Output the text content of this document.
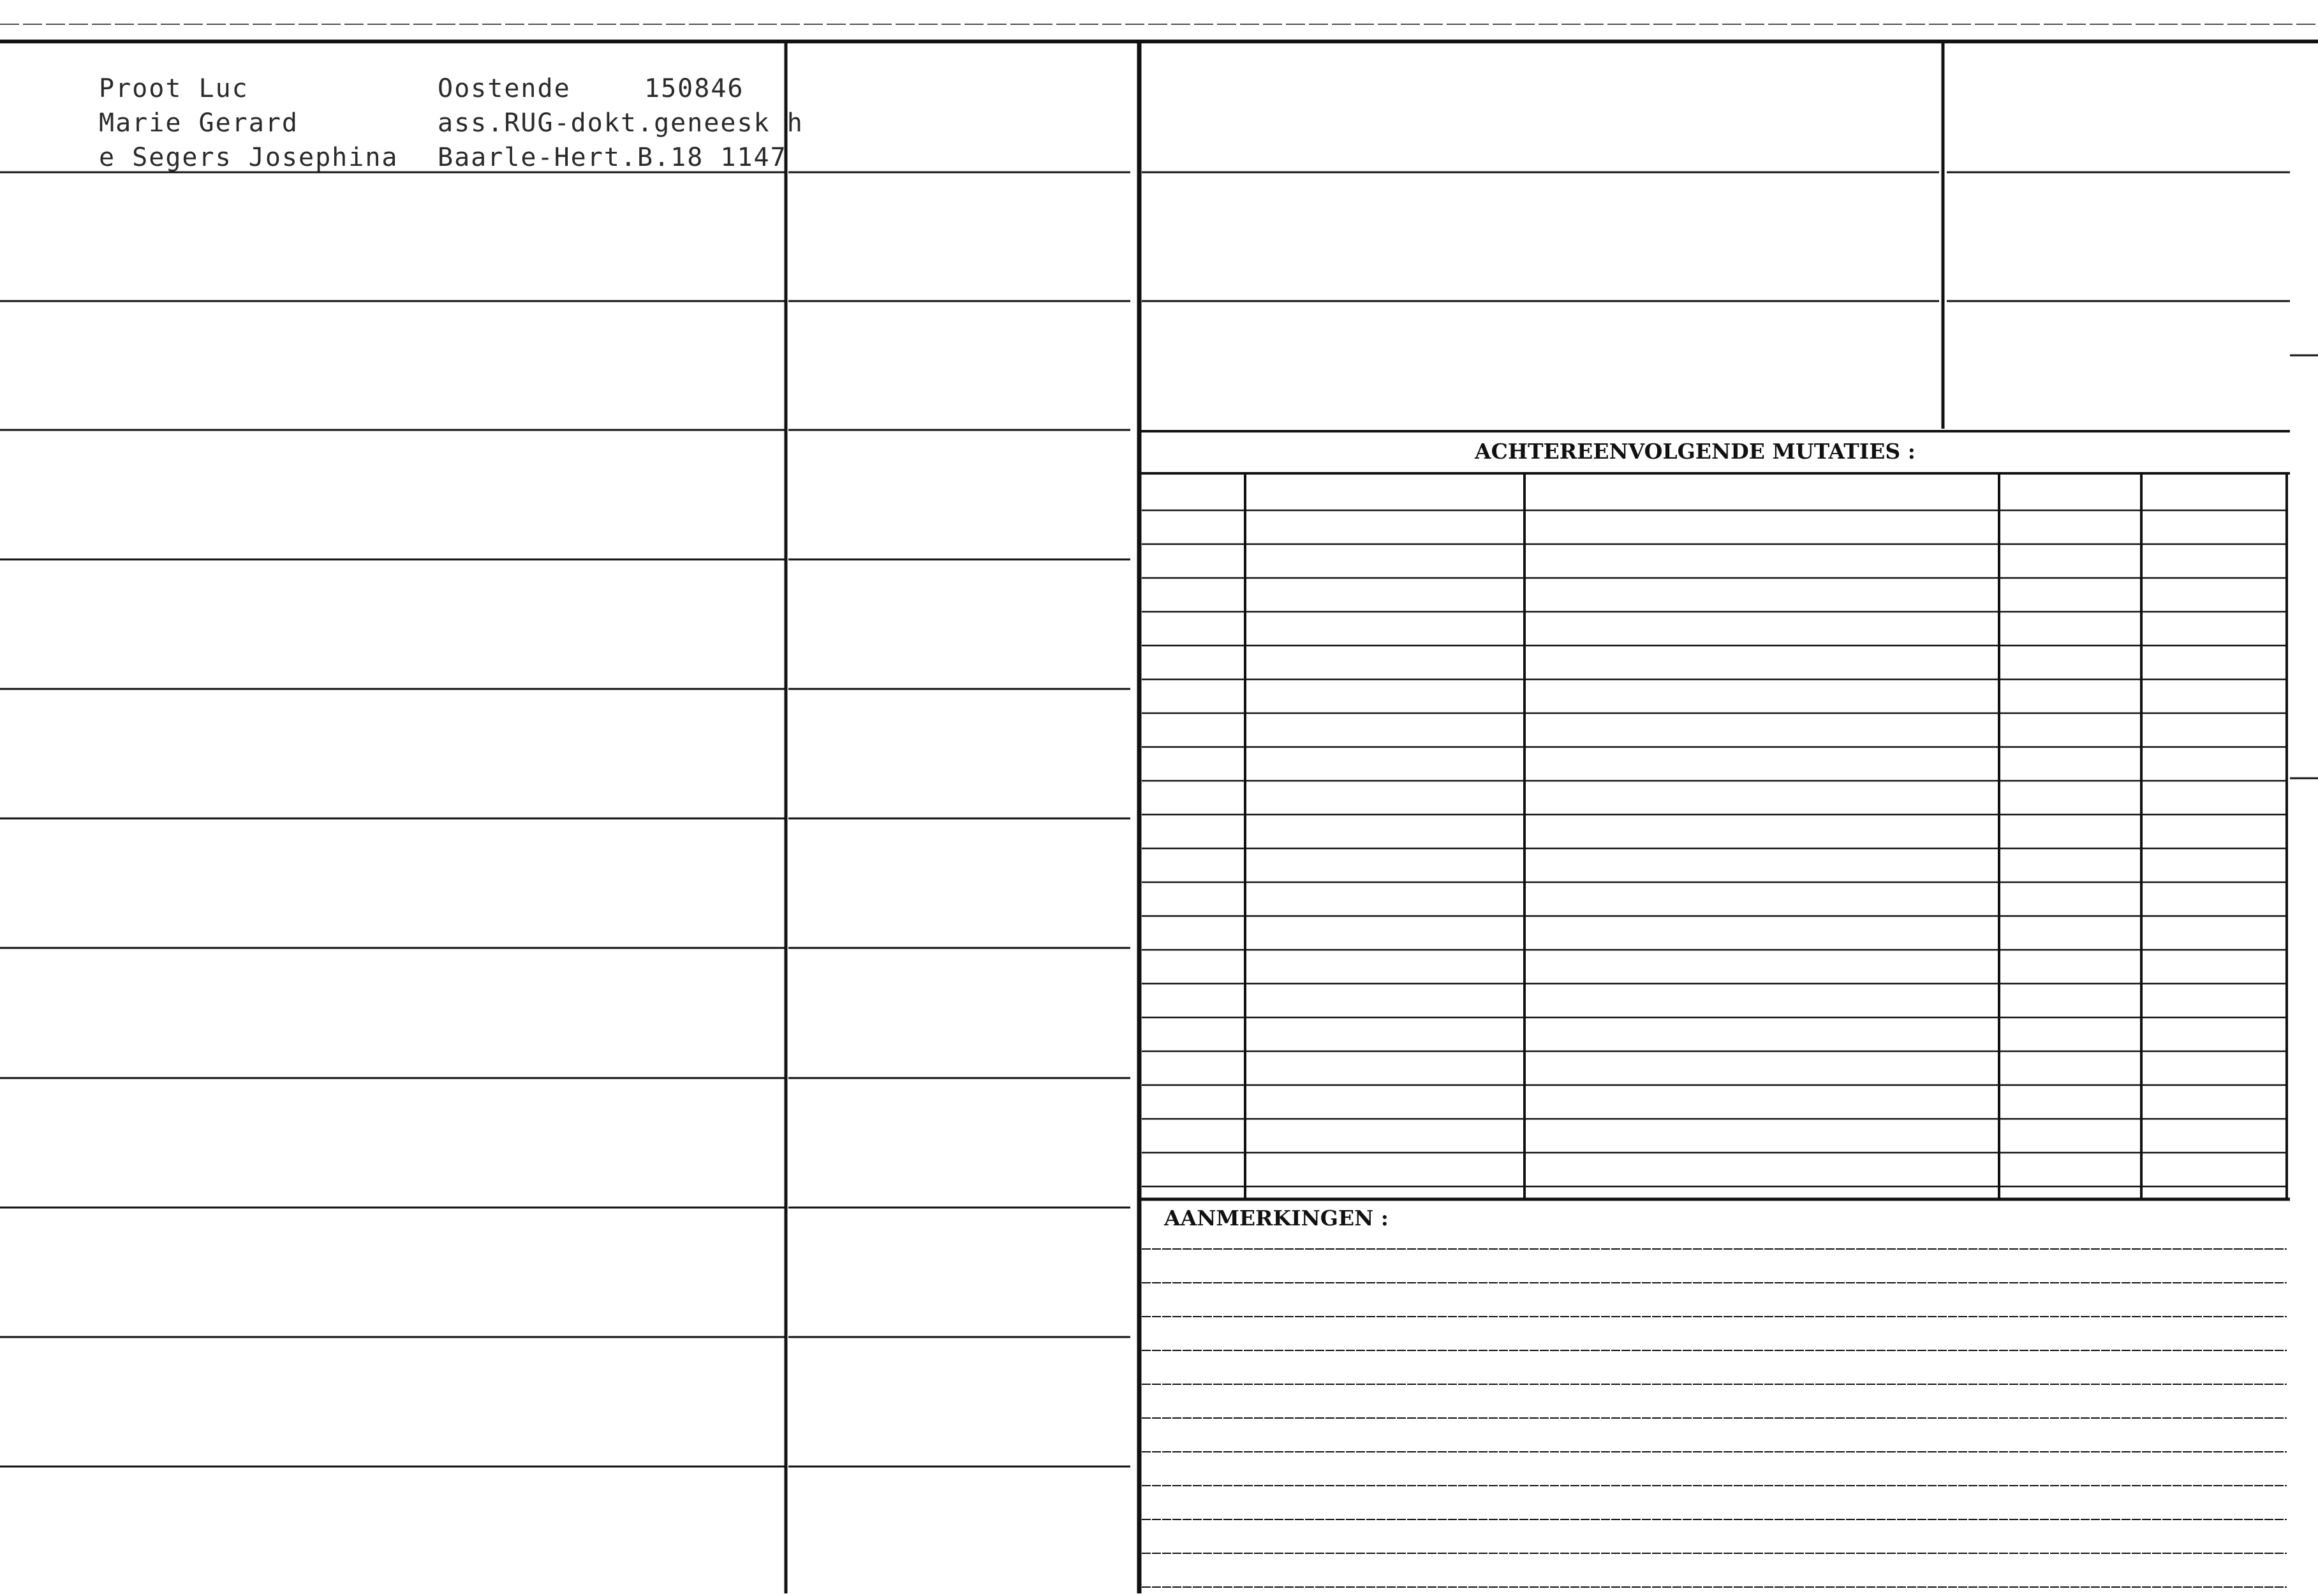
Proot Luc
Marie Gerard
e Segers Josephina
Oostende	150846
ass.RUG-dokt.geneesk h
Baarle-Hert.B.18 1147
ACHTEREENVOLGENDE MUTATIES :
AANMERKINGEN :
